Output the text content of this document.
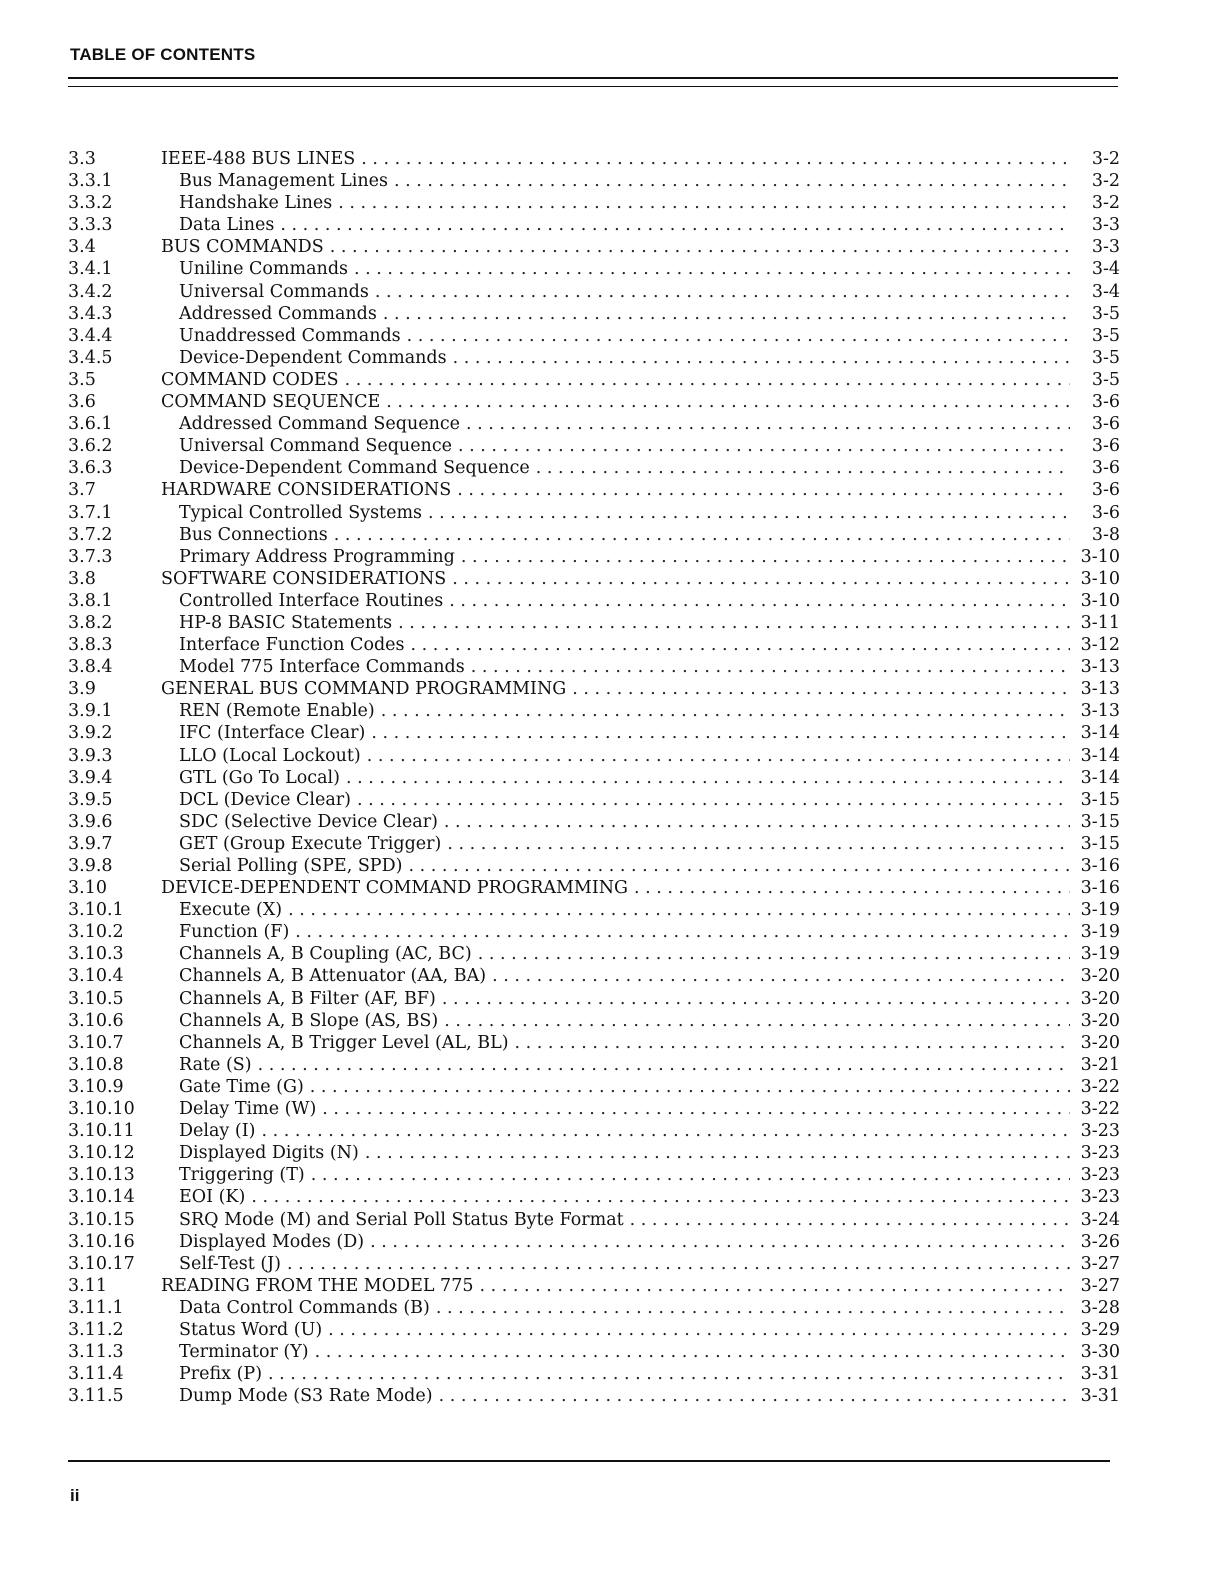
TABLE OF CONTENTS
3.3	IEEE-488 BUS LINES . . .	3-2
3.3.1	Bus Management Lines . . .	3-2
3.3.2	Handshake Lines . . .	3-2
3.3.3	Data Lines . . .	3-3
3.4	BUS COMMANDS . . .	3-3
3.4.1	Uniline Commands . . .	3-4
3.4.2	Universal Commands . . .	3-4
3.4.3	Addressed Commands . . .	3-5
3.4.4	Unaddressed Commands . . .	3-5
3.4.5	Device-Dependent Commands . . .	3-5
3.5	COMMAND CODES . . .	3-5
3.6	COMMAND SEQUENCE . . .	3-6
3.6.1	Addressed Command Sequence . . .	3-6
3.6.2	Universal Command Sequence . . .	3-6
3.6.3	Device-Dependent Command Sequence . . .	3-6
3.7	HARDWARE CONSIDERATIONS . . .	3-6
3.7.1	Typical Controlled Systems . . .	3-6
3.7.2	Bus Connections . . .	3-8
3.7.3	Primary Address Programming . . .	3-10
3.8	SOFTWARE CONSIDERATIONS . . .	3-10
3.8.1	Controlled Interface Routines . . .	3-10
3.8.2	HP-8 BASIC Statements . . .	3-11
3.8.3	Interface Function Codes . . .	3-12
3.8.4	Model 775 Interface Commands . . .	3-13
3.9	GENERAL BUS COMMAND PROGRAMMING . . .	3-13
3.9.1	REN (Remote Enable) . . .	3-13
3.9.2	IFC (Interface Clear) . . .	3-14
3.9.3	LLO (Local Lockout) . . .	3-14
3.9.4	GTL (Go To Local) . . .	3-14
3.9.5	DCL (Device Clear) . . .	3-15
3.9.6	SDC (Selective Device Clear) . . .	3-15
3.9.7	GET (Group Execute Trigger) . . .	3-15
3.9.8	Serial Polling (SPE, SPD) . . .	3-16
3.10	DEVICE-DEPENDENT COMMAND PROGRAMMING . . .	3-16
3.10.1	Execute (X) . . .	3-19
3.10.2	Function (F) . . .	3-19
3.10.3	Channels A, B Coupling (AC, BC) . . .	3-19
3.10.4	Channels A, B Attenuator (AA, BA) . . .	3-20
3.10.5	Channels A, B Filter (AF, BF) . . .	3-20
3.10.6	Channels A, B Slope (AS, BS) . . .	3-20
3.10.7	Channels A, B Trigger Level (AL, BL) . . .	3-20
3.10.8	Rate (S) . . .	3-21
3.10.9	Gate Time (G) . . .	3-22
3.10.10	Delay Time (W) . . .	3-22
3.10.11	Delay (I) . . .	3-23
3.10.12	Displayed Digits (N) . . .	3-23
3.10.13	Triggering (T) . . .	3-23
3.10.14	EOI (K) . . .	3-23
3.10.15	SRQ Mode (M) and Serial Poll Status Byte Format . . .	3-24
3.10.16	Displayed Modes (D) . . .	3-26
3.10.17	Self-Test (J) . . .	3-27
3.11	READING FROM THE MODEL 775 . . .	3-27
3.11.1	Data Control Commands (B) . . .	3-28
3.11.2	Status Word (U) . . .	3-29
3.11.3	Terminator (Y) . . .	3-30
3.11.4	Prefix (P) . . .	3-31
3.11.5	Dump Mode (S3 Rate Mode) . . .	3-31
ii
